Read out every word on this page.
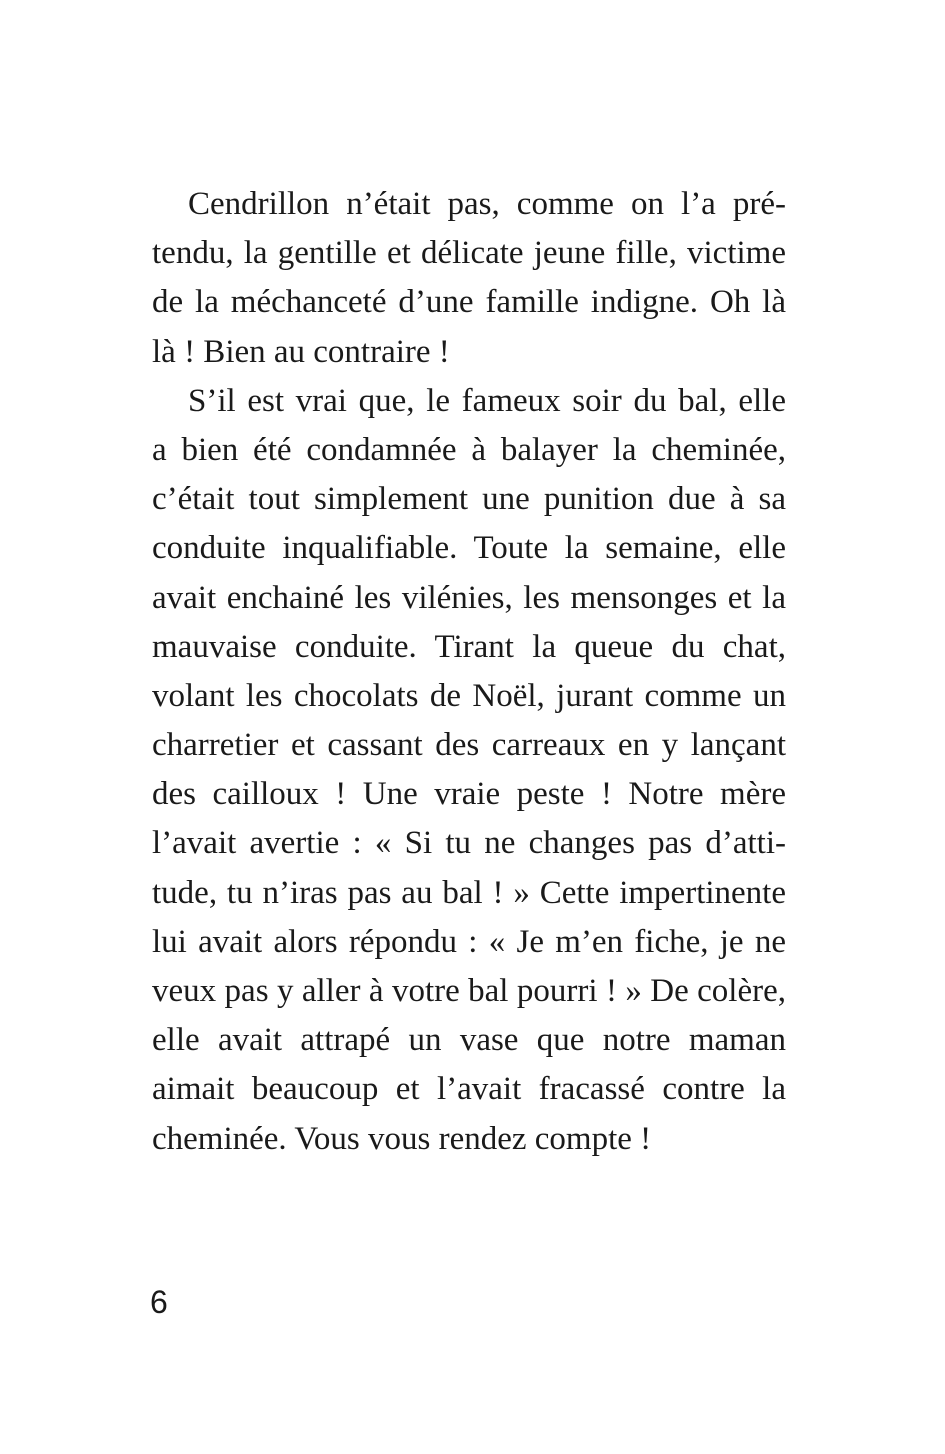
Cendrillon n’était pas, comme on l’a pré-
tendu, la gentille et délicate jeune fille, victime
de la méchanceté d’une famille indigne. Oh là
là ! Bien au contraire !
S’il est vrai que, le fameux soir du bal, elle
a bien été condamnée à balayer la cheminée,
c’était tout simplement une punition due à sa
conduite inqualifiable. Toute la semaine, elle
avait enchainé les vilénies, les mensonges et la
mauvaise conduite. Tirant la queue du chat,
volant les chocolats de Noël, jurant comme un
charretier et cassant des carreaux en y lançant
des cailloux ! Une vraie peste ! Notre mère
l’avait avertie : « Si tu ne changes pas d’atti-
tude, tu n’iras pas au bal ! » Cette impertinente
lui avait alors répondu : « Je m’en fiche, je ne
veux pas y aller à votre bal pourri ! » De colère,
elle avait attrapé un vase que notre maman
aimait beaucoup et l’avait fracassé contre la
cheminée. Vous vous rendez compte !
6
